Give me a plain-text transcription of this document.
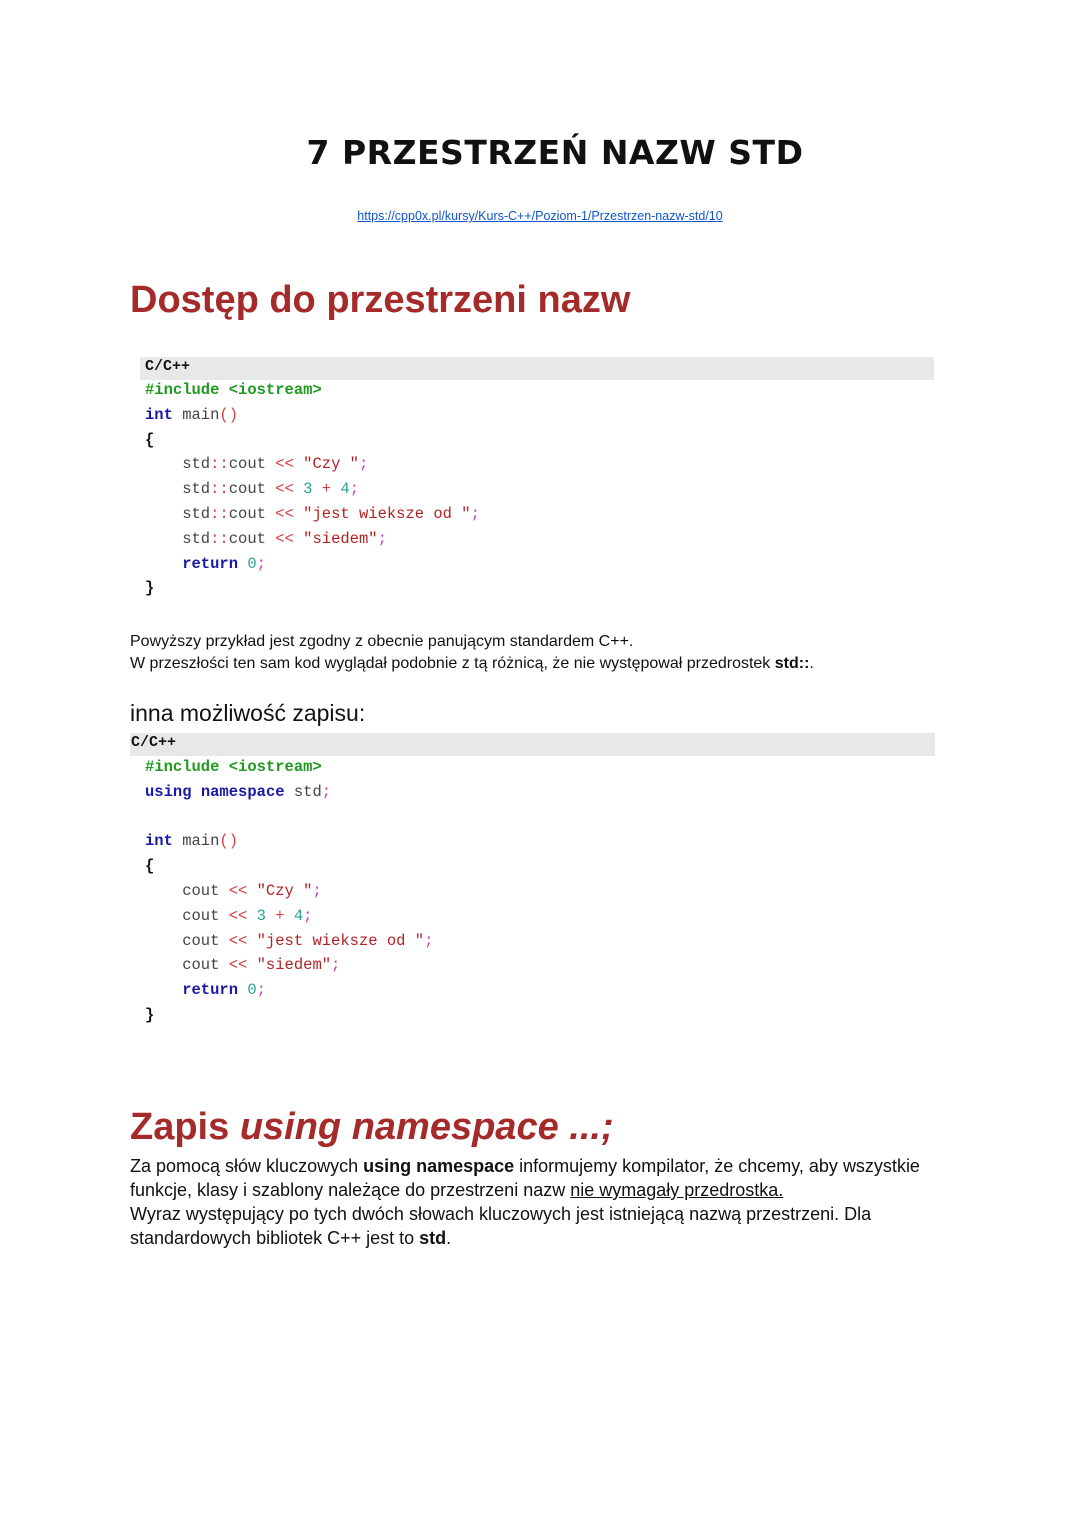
7 PRZESTRZEŃ NAZW STD
https://cpp0x.pl/kursy/Kurs-C++/Poziom-1/Przestrzen-nazw-std/10
Dostęp do przestrzeni nazw
C/C++
#include <iostream>
int main()
{
std::cout << "Czy ";
std::cout << 3 + 4;
std::cout << "jest wieksze od ";
std::cout << "siedem";
return 0;
}
Powyższy przykład jest zgodny z obecnie panującym standardem C++.
W przeszłości ten sam kod wyglądał podobnie z tą różnicą, że nie występował przedrostek std::.
inna możliwość zapisu:
C/C++
#include <iostream>
using namespace std;
int main()
{
cout << "Czy ";
cout << 3 + 4;
cout << "jest wieksze od ";
cout << "siedem";
return 0;
}
Zapis using namespace ...;
Za pomocą słów kluczowych using namespace informujemy kompilator, że chcemy, aby wszystkie funkcje, klasy i szablony należące do przestrzeni nazw nie wymagały przedrostka.
Wyraz występujący po tych dwóch słowach kluczowych jest istniejącą nazwą przestrzeni. Dla standardowych bibliotek C++ jest to std.
